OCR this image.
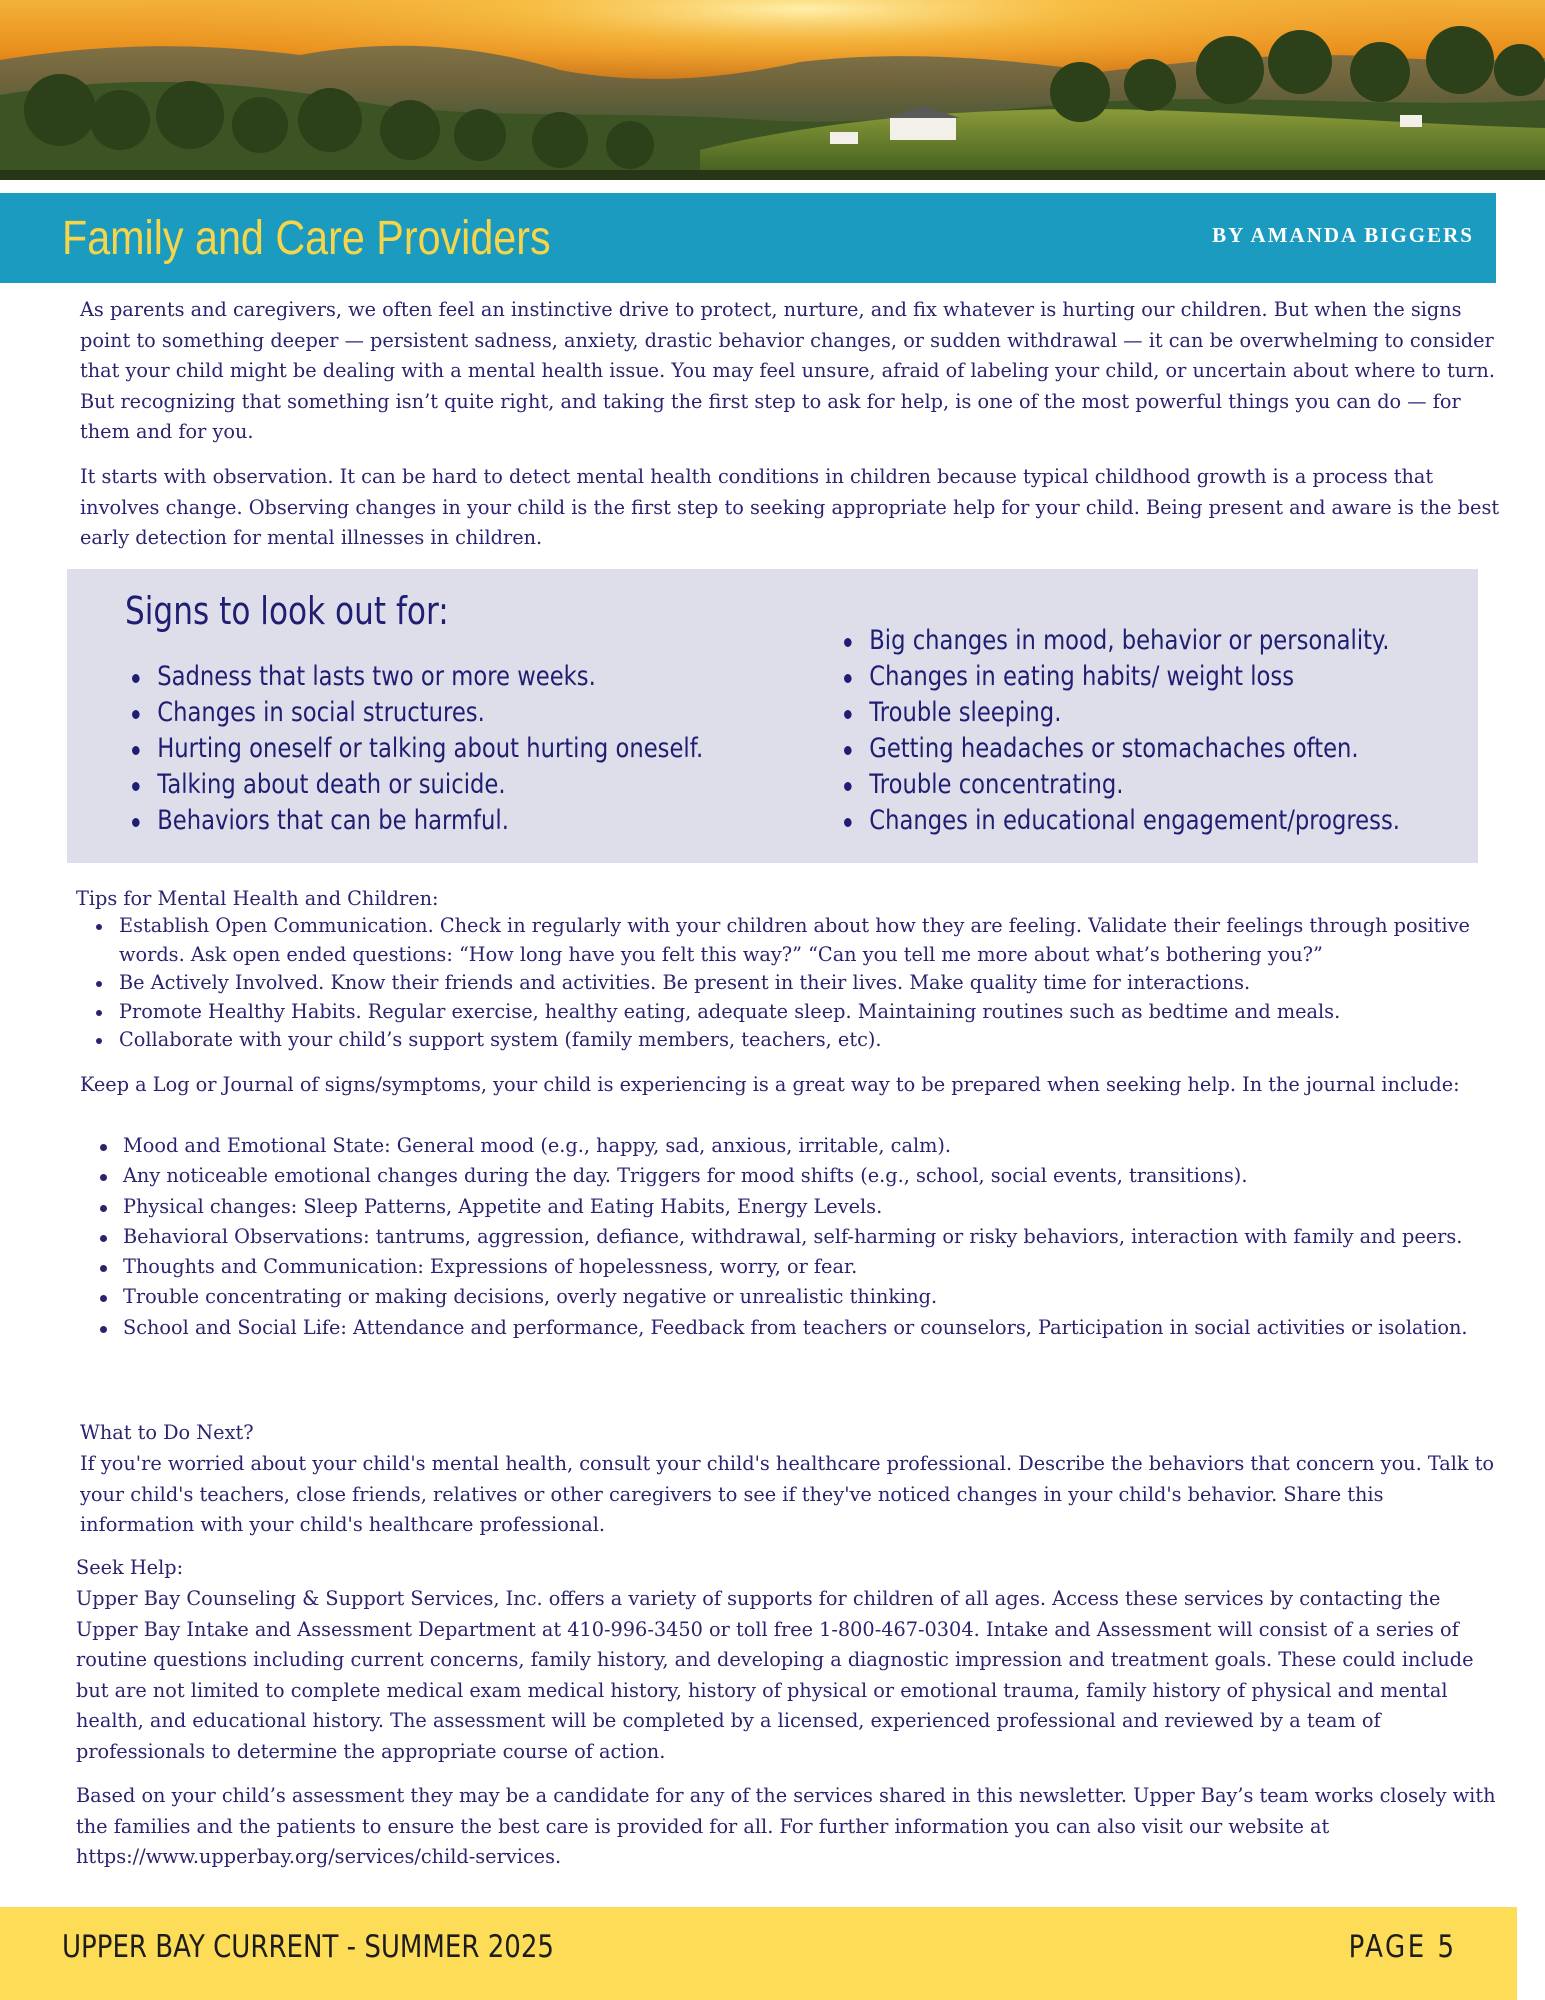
Family and Care Providers	BY AMANDA BIGGERS

As parents and caregivers, we often feel an instinctive drive to protect, nurture, and fix whatever is hurting our children. But when the signs point to something deeper — persistent sadness, anxiety, drastic behavior changes, or sudden withdrawal — it can be overwhelming to consider that your child might be dealing with a mental health issue. You may feel unsure, afraid of labeling your child, or uncertain about where to turn. But recognizing that something isn’t quite right, and taking the first step to ask for help, is one of the most powerful things you can do — for them and for you.

It starts with observation. It can be hard to detect mental health conditions in children because typical childhood growth is a process that involves change. Observing changes in your child is the first step to seeking appropriate help for your child. Being present and aware is the best early detection for mental illnesses in children.

Signs to look out for:
Sadness that lasts two or more weeks.
Changes in social structures.
Hurting oneself or talking about hurting oneself.
Talking about death or suicide.
Behaviors that can be harmful.
Big changes in mood, behavior or personality.
Changes in eating habits/ weight loss
Trouble sleeping.
Getting headaches or stomachaches often.
Trouble concentrating.
Changes in educational engagement/progress.

Tips for Mental Health and Children:

Establish Open Communication. Check in regularly with your children about how they are feeling. Validate their feelings through positive words. Ask open ended questions: “How long have you felt this way?” “Can you tell me more about what’s bothering you?”
Be Actively Involved. Know their friends and activities. Be present in their lives. Make quality time for interactions.
Promote Healthy Habits. Regular exercise, healthy eating, adequate sleep. Maintaining routines such as bedtime and meals.
Collaborate with your child’s support system (family members, teachers, etc).

Keep a Log or Journal of signs/symptoms, your child is experiencing is a great way to be prepared when seeking help. In the journal include:

Mood and Emotional State: General mood (e.g., happy, sad, anxious, irritable, calm).
Any noticeable emotional changes during the day. Triggers for mood shifts (e.g., school, social events, transitions).
Physical changes: Sleep Patterns, Appetite and Eating Habits, Energy Levels.
Behavioral Observations: tantrums, aggression, defiance, withdrawal, self-harming or risky behaviors, interaction with family and peers.
Thoughts and Communication: Expressions of hopelessness, worry, or fear.
Trouble concentrating or making decisions, overly negative or unrealistic thinking.
School and Social Life: Attendance and performance, Feedback from teachers or counselors, Participation in social activities or isolation.

What to Do Next?

If you're worried about your child's mental health, consult your child's healthcare professional. Describe the behaviors that concern you. Talk to your child's teachers, close friends, relatives or other caregivers to see if they've noticed changes in your child's behavior. Share this information with your child's healthcare professional.

Seek Help:

Upper Bay Counseling & Support Services, Inc. offers a variety of supports for children of all ages. Access these services by contacting the Upper Bay Intake and Assessment Department at 410-996-3450 or toll free 1-800-467-0304. Intake and Assessment will consist of a series of routine questions including current concerns, family history, and developing a diagnostic impression and treatment goals. These could include but are not limited to complete medical exam medical history, history of physical or emotional trauma, family history of physical and mental health, and educational history. The assessment will be completed by a licensed, experienced professional and reviewed by a team of professionals to determine the appropriate course of action.

Based on your child’s assessment they may be a candidate for any of the services shared in this newsletter. Upper Bay’s team works closely with the families and the patients to ensure the best care is provided for all. For further information you can also visit our website at https://www.upperbay.org/services/child-services.

UPPER BAY CURRENT - SUMMER 2025	PAGE 5
